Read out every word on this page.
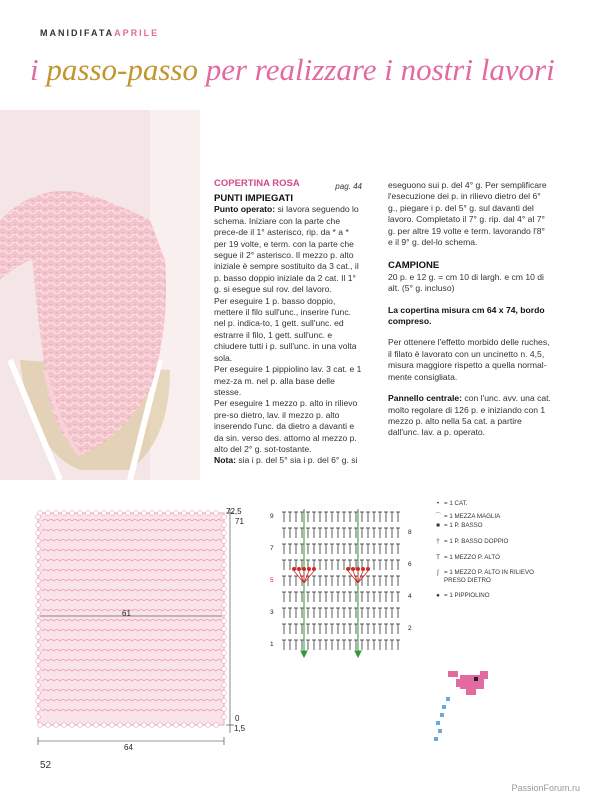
MANIDIFATAAPRILE
i passo-passo per realizzare i nostri lavori
COPERTINA ROSA	pag. 44

PUNTI IMPIEGATI

Punto operato: si lavora seguendo lo schema. Iniziare con la parte che prece-de il 1° asterisco, rip. da * a * per 19 volte, e term. con la parte che segue il 2° asterisco. Il mezzo p. alto iniziale è sempre sostituito da 3 cat., il p. basso doppio iniziale da 2 cat. Il 1° g. si esegue sul rov. del lavoro.

Per eseguire 1 p. basso doppio, mettere il filo sull'unc., inserire l'unc. nel p. indica-to, 1 gett. sull'unc. ed estrarre il filo, 1 gett. sull'unc. e chiudere tutti i p. sull'unc. in una volta sola.

Per eseguire 1 pippiolino lav. 3 cat. e 1 mez-za m. nel p. alla base delle stesse.

Per eseguire 1 mezzo p. alto in rilievo pre-so dietro, lav. il mezzo p. alto inserendo l'unc. da dietro a davanti e da sin. verso des. attorno al mezzo p. alto del 2° g. sot-tostante.

Nota: sia i p. del 5° sia i p. del 6° g. si

eseguono sui p. del 4° g. Per semplificare l'esecuzione dei p. in rilievo dietro del 6° g., piegare i p. del 5° g. sul davanti del lavoro. Completato il 7° g. rip. dal 4° al 7° g. per altre 19 volte e term. lavorando l'8° e il 9° g. del-lo schema.

CAMPIONE

20 p. e 12 g. = cm 10 di largh. e cm 10 di alt. (5° g. incluso)

La copertina misura cm 64 x 74, bordo compreso.

Per ottenere l'effetto morbido delle ruches, il filato è lavorato con un uncinetto n. 4,5, misura maggiore rispetto a quella normal-mente consigliata.

Pannello centrale: con l'unc. avv. una cat. molto regolare di 126 p. e iniziando con 1 mezzo p. alto nella 5a cat. a partire dall'unc. lav. a p. operato.

72,5
71
61
0
1,5
64
9
7
5
3
1
8
6
4
2
• = 1 CAT.
⌒ = 1 MEZZA MAGLIA
■ = 1 P. BASSO
† = 1 P. BASSO DOPPIO
T = 1 MEZZO P. ALTO
∫ = 1 MEZZO P. ALTO IN RILIEVO
PRESO DIETRO
● = 1 PIPPIOLINO
52
PassionForum.ru
